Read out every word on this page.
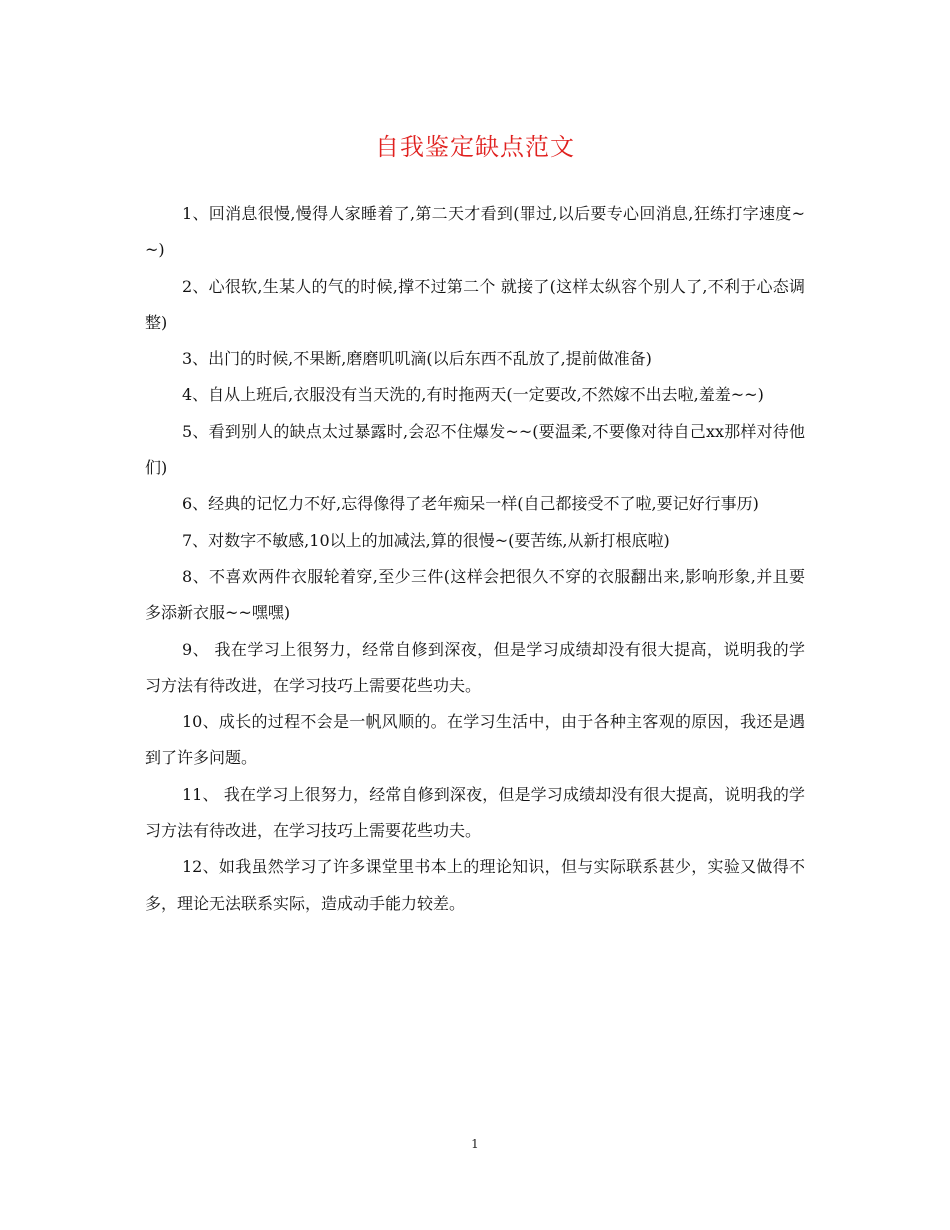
自我鉴定缺点范文

1、回消息很慢,慢得人家睡着了,第二天才看到(罪过,以后要专心回消息,狂练打字速度~~)

2、心很软,生某人的气的时候,撑不过第二个 就接了(这样太纵容个别人了,不利于心态调整)

3、出门的时候,不果断,磨磨叽叽滴(以后东西不乱放了,提前做准备)

4、自从上班后,衣服没有当天洗的,有时拖两天(一定要改,不然嫁不出去啦,羞羞~~)

5、看到别人的缺点太过暴露时,会忍不住爆发~~(要温柔,不要像对待自己xx那样对待他们)

6、经典的记忆力不好,忘得像得了老年痴呆一样(自己都接受不了啦,要记好行事历)

7、对数字不敏感,10以上的加减法,算的很慢~(要苦练,从新打根底啦)

8、不喜欢两件衣服轮着穿,至少三件(这样会把很久不穿的衣服翻出来,影响形象,并且要多添新衣服~~嘿嘿)

9、 我在学习上很努力，经常自修到深夜，但是学习成绩却没有很大提高，说明我的学习方法有待改进，在学习技巧上需要花些功夫。

10、成长的过程不会是一帆风顺的。在学习生活中，由于各种主客观的原因，我还是遇到了许多问题。

11、 我在学习上很努力，经常自修到深夜，但是学习成绩却没有很大提高，说明我的学习方法有待改进，在学习技巧上需要花些功夫。

12、如我虽然学习了许多课堂里书本上的理论知识，但与实际联系甚少，实验又做得不多，理论无法联系实际，造成动手能力较差。

1
